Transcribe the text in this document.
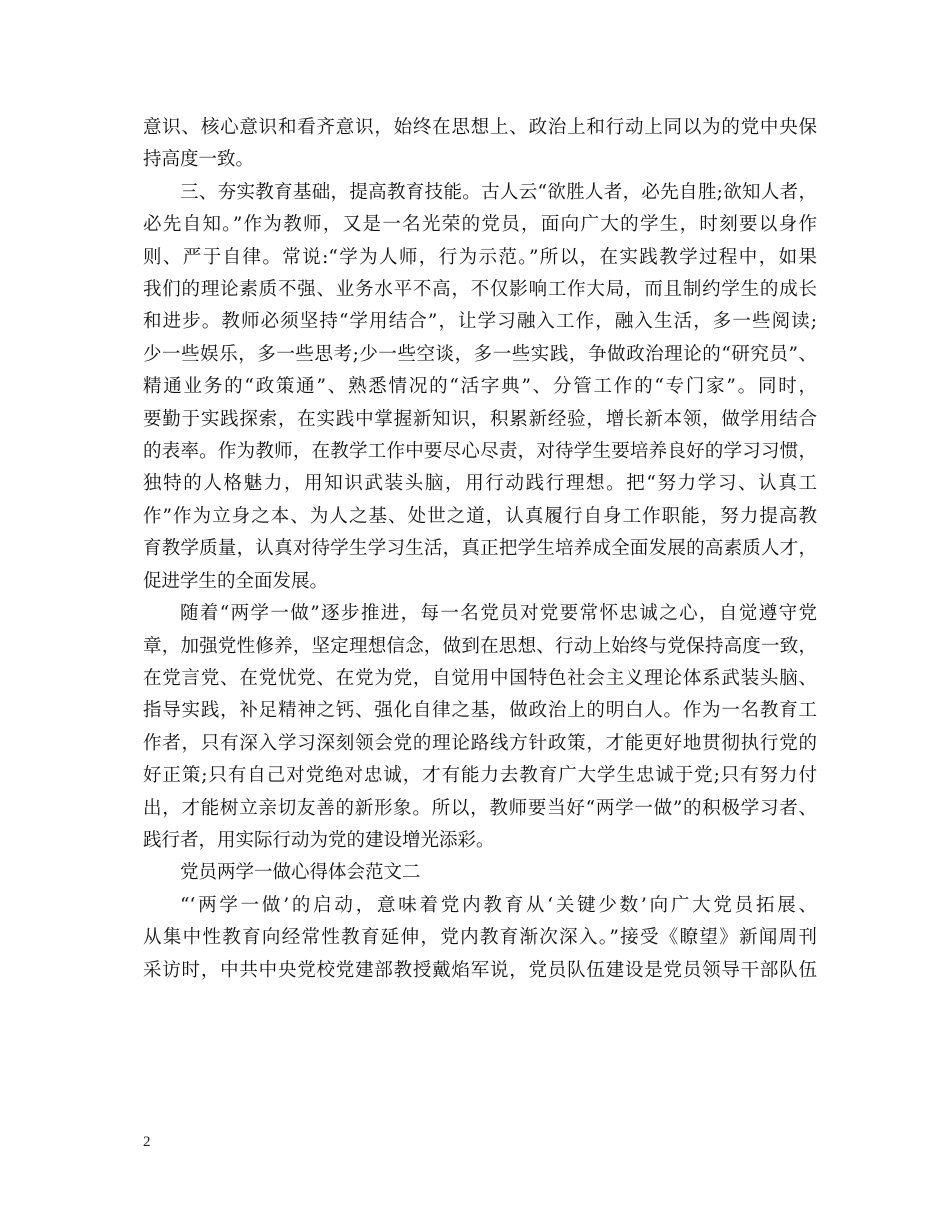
意识、核心意识和看齐意识，始终在思想上、政治上和行动上同以为的党中央保
持高度一致。
三、夯实教育基础，提高教育技能。古人云“欲胜人者，必先自胜;欲知人者，
必先自知。”作为教师，又是一名光荣的党员，面向广大的学生，时刻要以身作
则、严于自律。常说:“学为人师，行为示范。”所以，在实践教学过程中，如果
我们的理论素质不强、业务水平不高，不仅影响工作大局，而且制约学生的成长
和进步。教师必须坚持“学用结合”，让学习融入工作，融入生活，多一些阅读;
少一些娱乐，多一些思考;少一些空谈，多一些实践，争做政治理论的“研究员”、
精通业务的“政策通”、熟悉情况的“活字典”、分管工作的“专门家”。同时，
要勤于实践探索，在实践中掌握新知识，积累新经验，增长新本领，做学用结合
的表率。作为教师，在教学工作中要尽心尽责，对待学生要培养良好的学习习惯，
独特的人格魅力，用知识武装头脑，用行动践行理想。把“努力学习、认真工
作”作为立身之本、为人之基、处世之道，认真履行自身工作职能，努力提高教
育教学质量，认真对待学生学习生活，真正把学生培养成全面发展的高素质人才，
促进学生的全面发展。
随着“两学一做”逐步推进，每一名党员对党要常怀忠诚之心，自觉遵守党
章，加强党性修养，坚定理想信念，做到在思想、行动上始终与党保持高度一致，
在党言党、在党忧党、在党为党，自觉用中国特色社会主义理论体系武装头脑、
指导实践，补足精神之钙、强化自律之基，做政治上的明白人。作为一名教育工
作者，只有深入学习深刻领会党的理论路线方针政策，才能更好地贯彻执行党的
好正策;只有自己对党绝对忠诚，才有能力去教育广大学生忠诚于党;只有努力付
出，才能树立亲切友善的新形象。所以，教师要当好“两学一做”的积极学习者、
践行者，用实际行动为党的建设增光添彩。
党员两学一做心得体会范文二
“‘两学一做’的启动，意味着党内教育从‘关键少数’向广大党员拓展、
从集中性教育向经常性教育延伸，党内教育渐次深入。”接受《瞭望》新闻周刊
采访时，中共中央党校党建部教授戴焰军说，党员队伍建设是党员领导干部队伍
2
